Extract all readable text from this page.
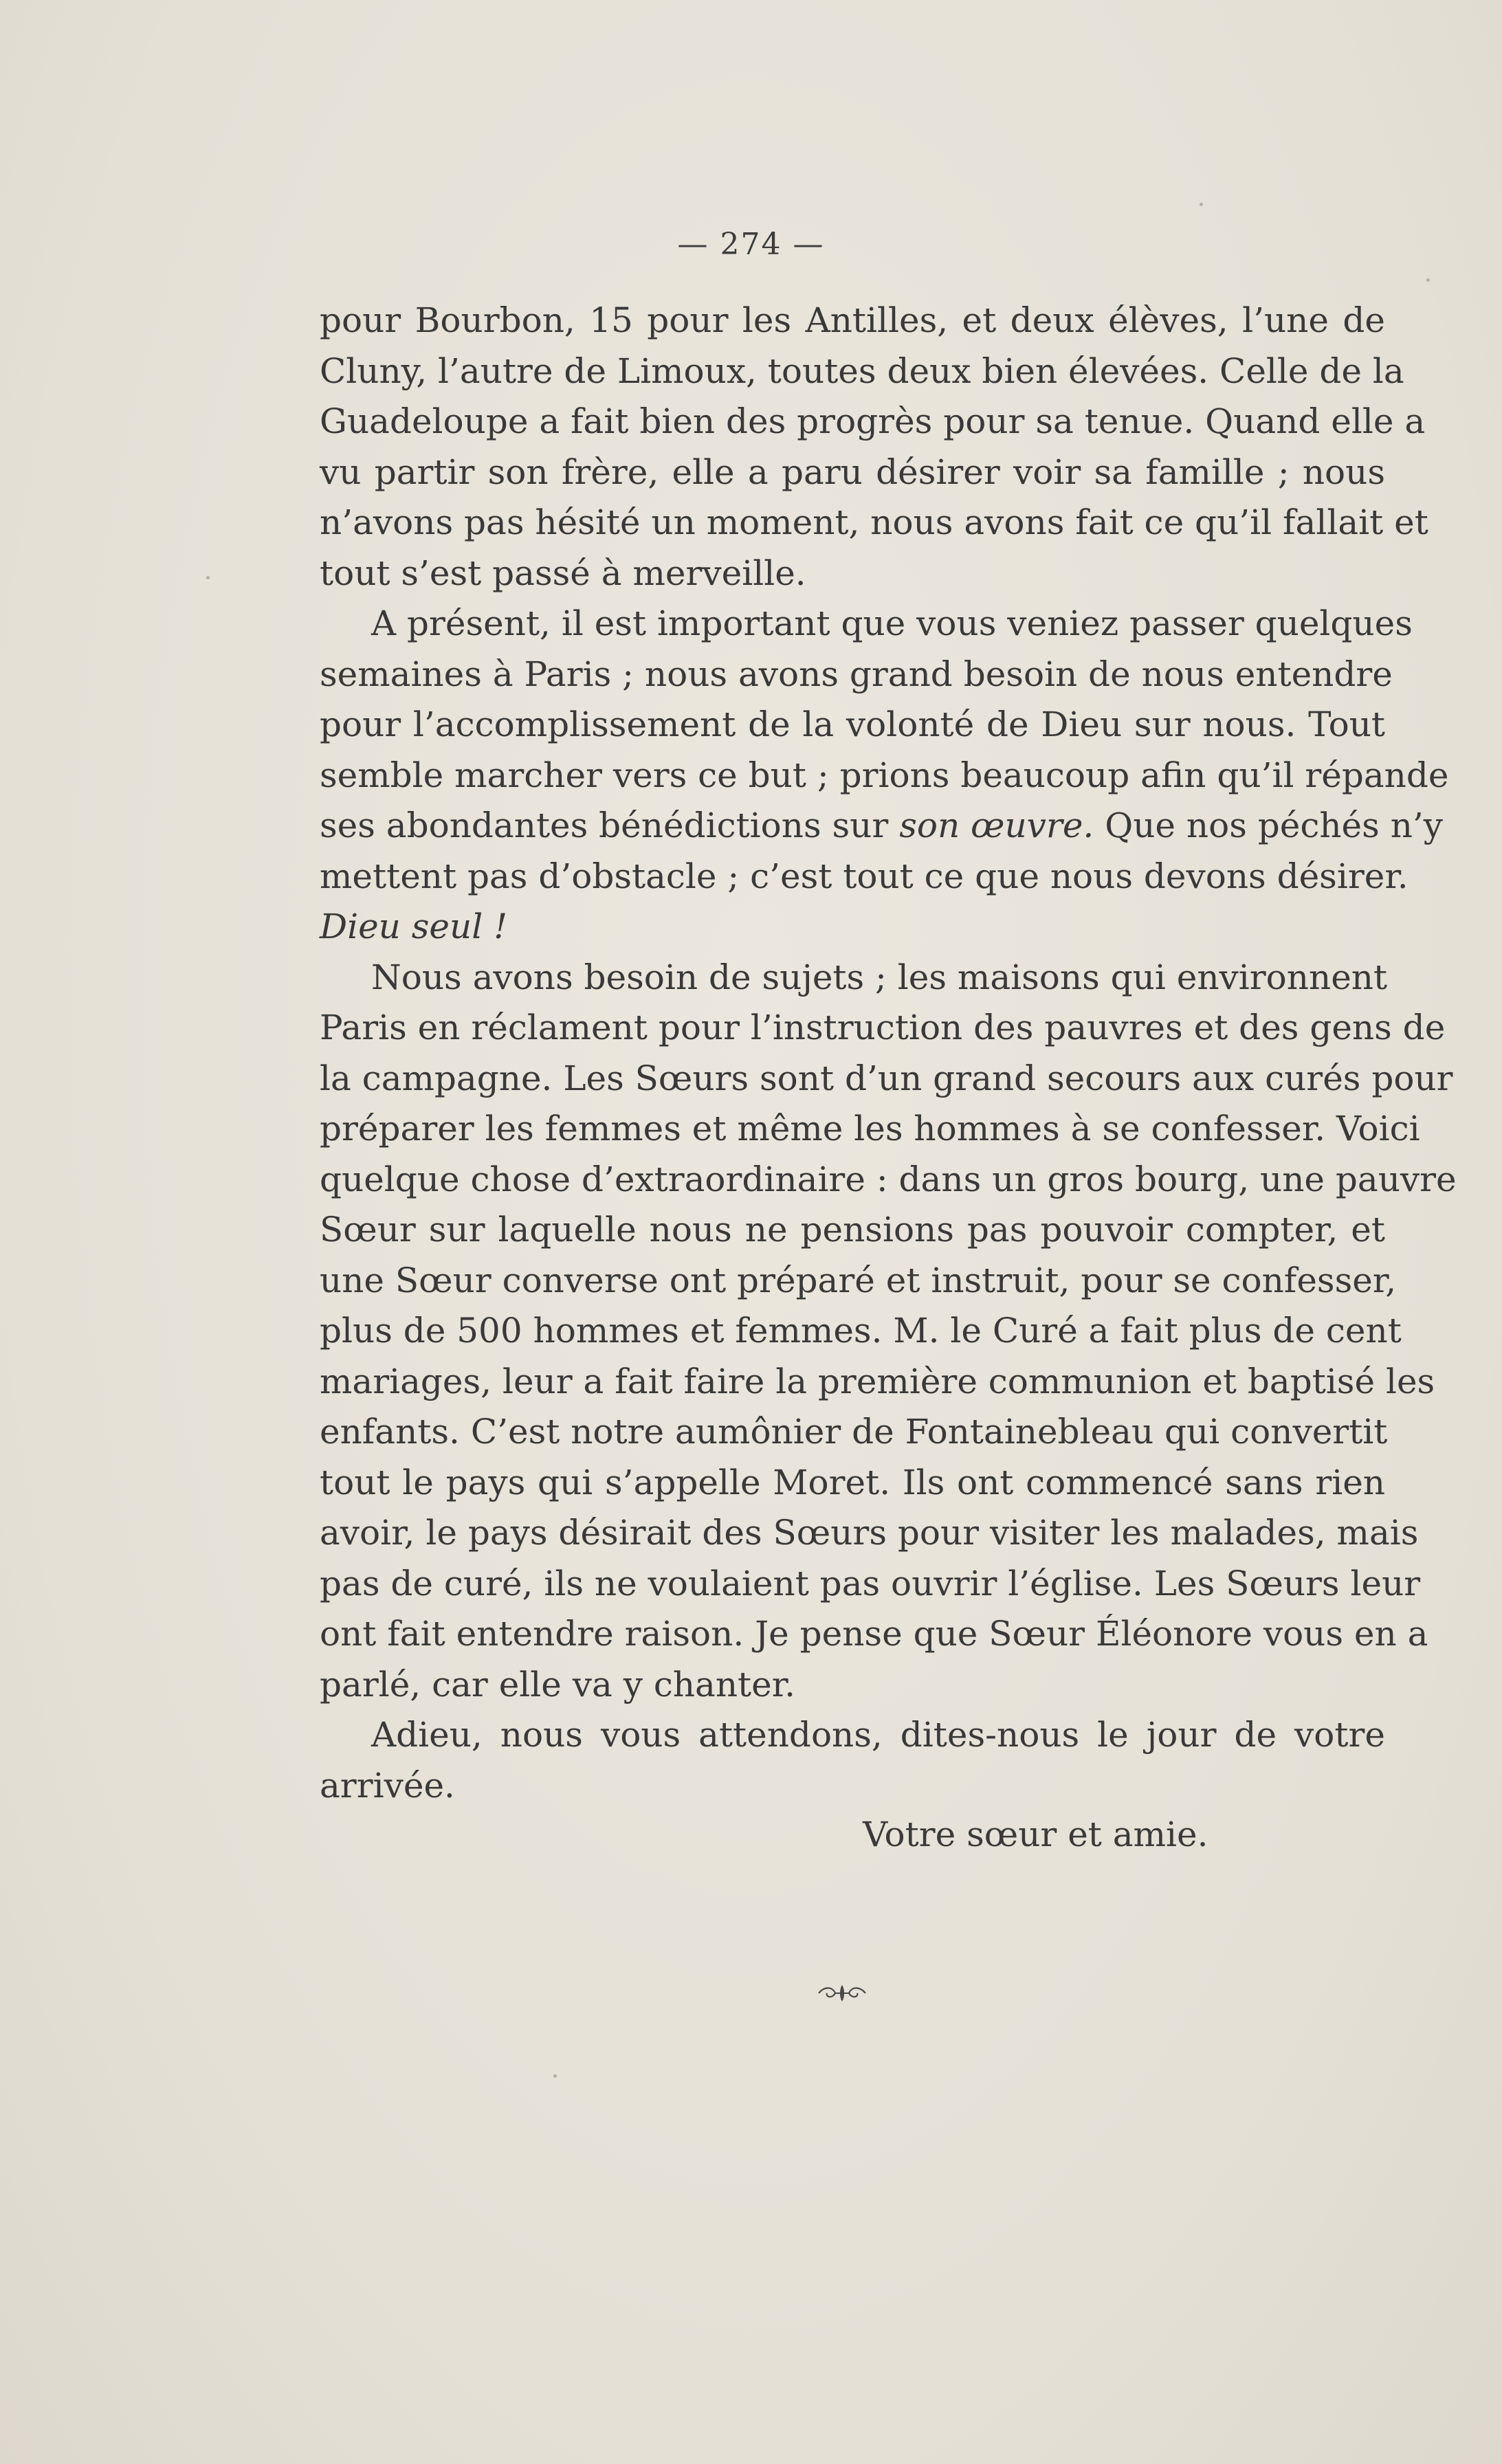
— 274 —

pour Bourbon, 15 pour les Antilles, et deux élèves, l’une de
Cluny, l’autre de Limoux, toutes deux bien élevées. Celle de la
Guadeloupe a fait bien des progrès pour sa tenue. Quand elle a
vu partir son frère, elle a paru désirer voir sa famille ; nous
n’avons pas hésité un moment, nous avons fait ce qu’il fallait et
tout s’est passé à merveille.

A présent, il est important que vous veniez passer quelques
semaines à Paris ; nous avons grand besoin de nous entendre
pour l’accomplissement de la volonté de Dieu sur nous. Tout
semble marcher vers ce but ; prions beaucoup afin qu’il répande
ses abondantes bénédictions sur son œuvre. Que nos péchés n’y
mettent pas d’obstacle ; c’est tout ce que nous devons désirer.
Dieu seul !

Nous avons besoin de sujets ; les maisons qui environnent
Paris en réclament pour l’instruction des pauvres et des gens de
la campagne. Les Sœurs sont d’un grand secours aux curés pour
préparer les femmes et même les hommes à se confesser. Voici
quelque chose d’extraordinaire : dans un gros bourg, une pauvre
Sœur sur laquelle nous ne pensions pas pouvoir compter, et
une Sœur converse ont préparé et instruit, pour se confesser,
plus de 500 hommes et femmes. M. le Curé a fait plus de cent
mariages, leur a fait faire la première communion et baptisé les
enfants. C’est notre aumônier de Fontainebleau qui convertit
tout le pays qui s’appelle Moret. Ils ont commencé sans rien
avoir, le pays désirait des Sœurs pour visiter les malades, mais
pas de curé, ils ne voulaient pas ouvrir l’église. Les Sœurs leur
ont fait entendre raison. Je pense que Sœur Éléonore vous en a
parlé, car elle va y chanter.

Adieu, nous vous attendons, dites-nous le jour de votre
arrivée.

Votre sœur et amie.
